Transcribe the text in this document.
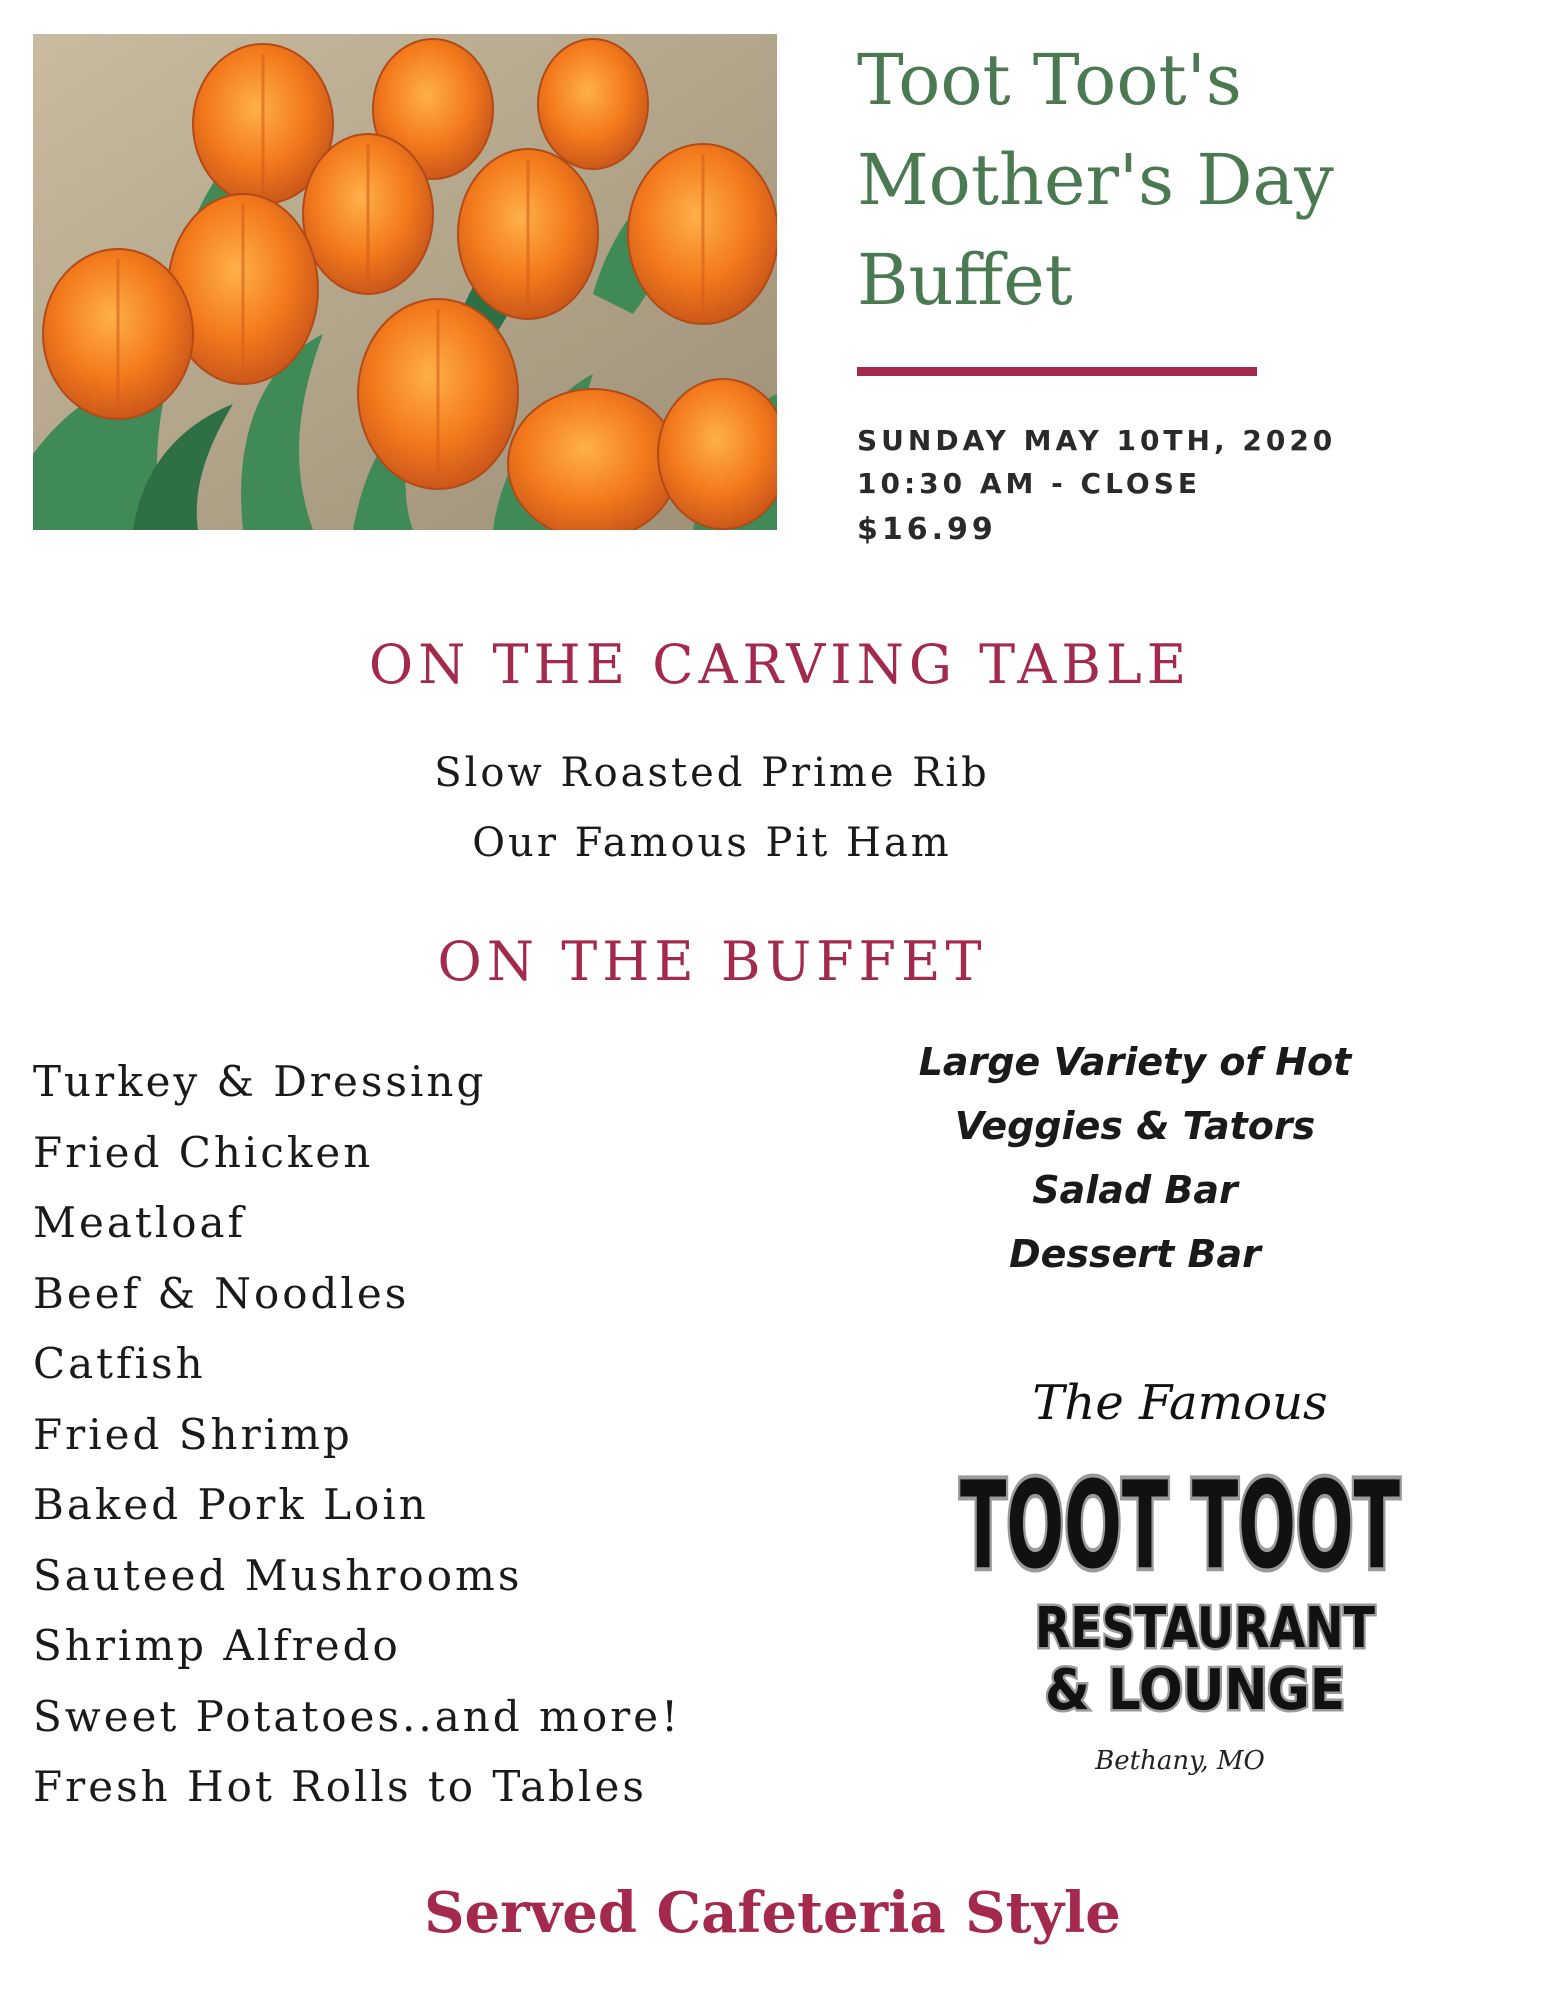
Toot Toot's
Mother's Day
Buffet
SUNDAY MAY 10TH, 2020
10:30 AM - CLOSE
$16.99
ON THE CARVING TABLE
Slow Roasted Prime Rib
Our Famous Pit Ham
ON THE BUFFET
Turkey & Dressing
Fried Chicken
Meatloaf
Beef & Noodles
Catfish
Fried Shrimp
Baked Pork Loin
Sauteed Mushrooms
Shrimp Alfredo
Sweet Potatoes..and more!
Fresh Hot Rolls to Tables
Large Variety of Hot
Veggies & Tators
Salad Bar
Dessert Bar
The Famous
TOOT TOOT
RESTAURANT
& LOUNGE
Bethany, MO
Served Cafeteria Style
